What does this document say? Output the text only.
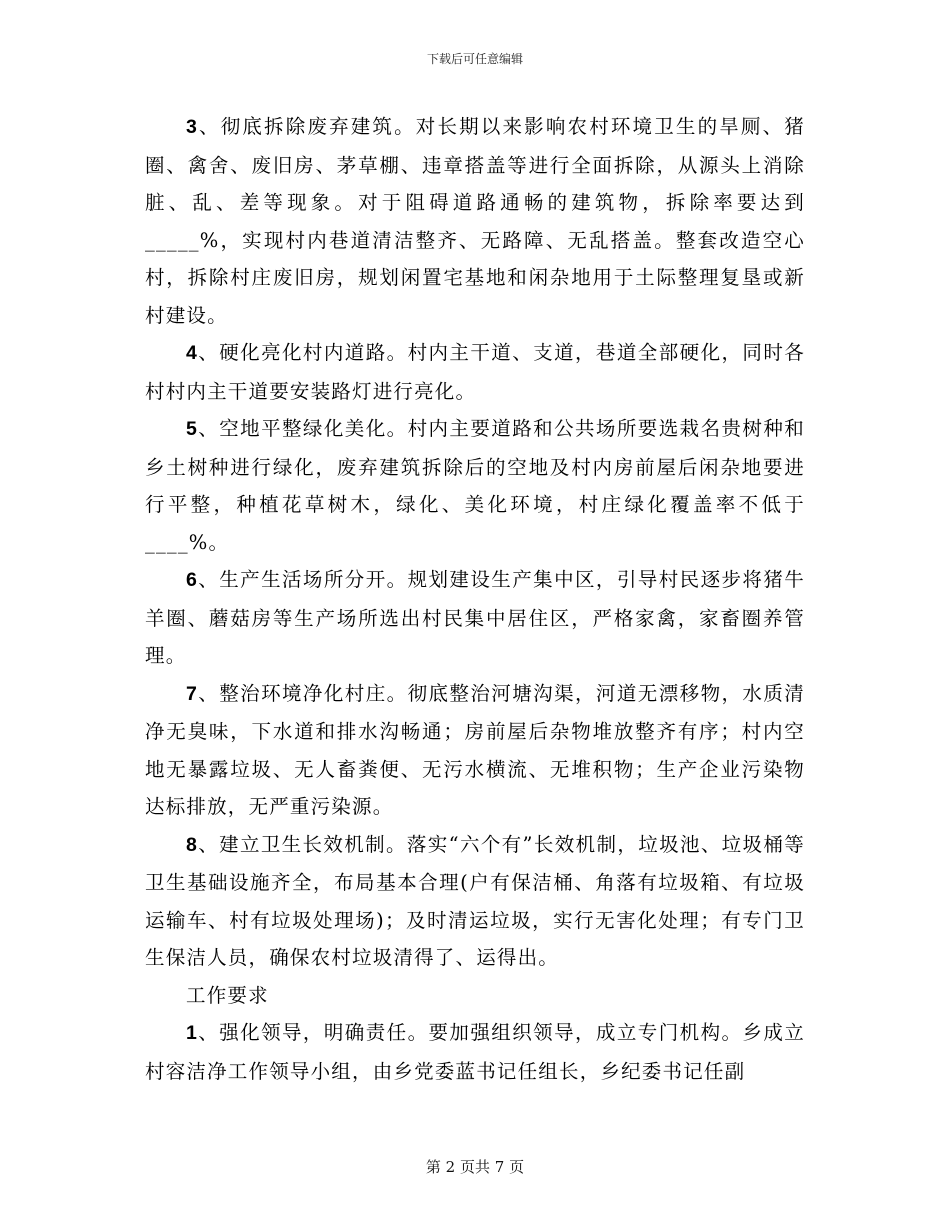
下载后可任意编辑

3、彻底拆除废弃建筑。对长期以来影响农村环境卫生的旱厕、猪圈、禽舍、废旧房、茅草棚、违章搭盖等进行全面拆除，从源头上消除脏、乱、差等现象。对于阻碍道路通畅的建筑物，拆除率要达到_____%，实现村内巷道清洁整齐、无路障、无乱搭盖。整套改造空心村，拆除村庄废旧房，规划闲置宅基地和闲杂地用于土际整理复垦或新村建设。

4、硬化亮化村内道路。村内主干道、支道，巷道全部硬化，同时各村村内主干道要安装路灯进行亮化。

5、空地平整绿化美化。村内主要道路和公共场所要选栽名贵树种和乡土树种进行绿化，废弃建筑拆除后的空地及村内房前屋后闲杂地要进行平整，种植花草树木，绿化、美化环境，村庄绿化覆盖率不低于____%。

6、生产生活场所分开。规划建设生产集中区，引导村民逐步将猪牛羊圈、蘑菇房等生产场所选出村民集中居住区，严格家禽，家畜圈养管理。

7、整治环境净化村庄。彻底整治河塘沟渠，河道无漂移物，水质清净无臭味，下水道和排水沟畅通；房前屋后杂物堆放整齐有序；村内空地无暴露垃圾、无人畜粪便、无污水横流、无堆积物；生产企业污染物达标排放，无严重污染源。

8、建立卫生长效机制。落实“六个有”长效机制，垃圾池、垃圾桶等卫生基础设施齐全，布局基本合理(户有保洁桶、角落有垃圾箱、有垃圾运输车、村有垃圾处理场)；及时清运垃圾，实行无害化处理；有专门卫生保洁人员，确保农村垃圾清得了、运得出。

工作要求

1、强化领导，明确责任。要加强组织领导，成立专门机构。乡成立村容洁净工作领导小组，由乡党委蓝书记任组长，乡纪委书记任副

第 2 页共 7 页
